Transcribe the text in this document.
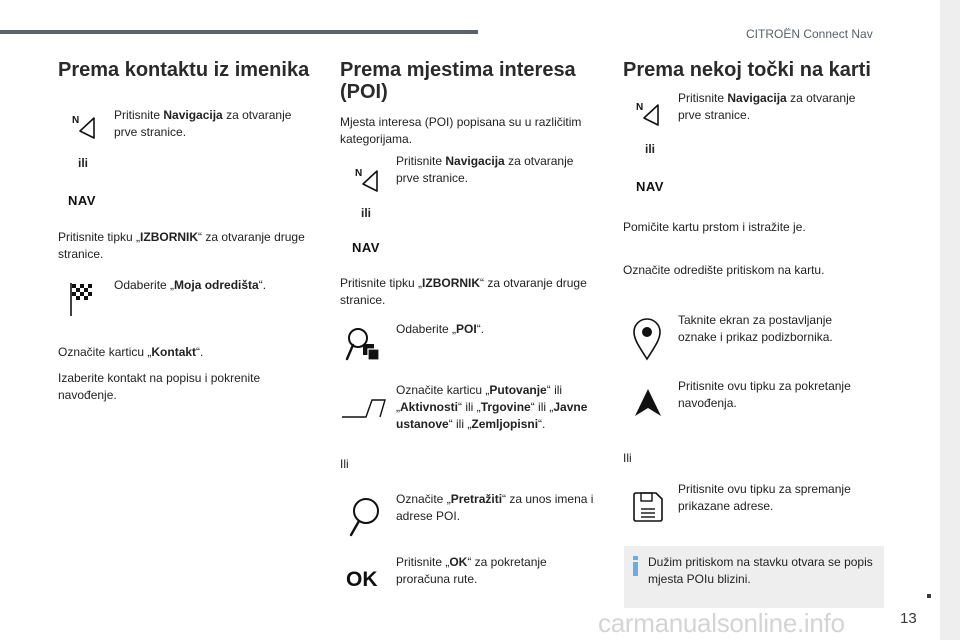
CITROËN Connect Nav
13
carmanualsonline.info
Prema kontaktu iz imenika
N
ili
NAV
Pritisnite Navigacija za otvaranje prve stranice.
Pritisnite tipku „IZBORNIK“ za otvaranje druge stranice.
Odaberite „Moja odredišta“.
Označite karticu „Kontakt“.
Izaberite kontakt na popisu i pokrenite navođenje.
Prema mjestima interesa (POI)
Mjesta interesa (POI) popisana su u različitim kategorijama.
N
ili
NAV
Pritisnite Navigacija za otvaranje prve stranice.
Pritisnite tipku „IZBORNIK“ za otvaranje druge stranice.
Odaberite „POI“.
Označite karticu „Putovanje“ ili „Aktivnosti“ ili „Trgovine“ ili „Javne ustanove“ ili „Zemljopisni“.
Ili
Označite „Pretražiti“ za unos imena i adrese POI.
OK
Pritisnite „OK“ za pokretanje proračuna rute.
Prema nekoj točki na karti
N
ili
NAV
Pritisnite Navigacija za otvaranje prve stranice.
Pomičite kartu prstom i istražite je.
Označite odredište pritiskom na kartu.
Taknite ekran za postavljanje oznake i prikaz podizbornika.
Pritisnite ovu tipku za pokretanje navođenja.
Ili
Pritisnite ovu tipku za spremanje prikazane adrese.
Dužim pritiskom na stavku otvara se popis mjesta POIu blizini.
